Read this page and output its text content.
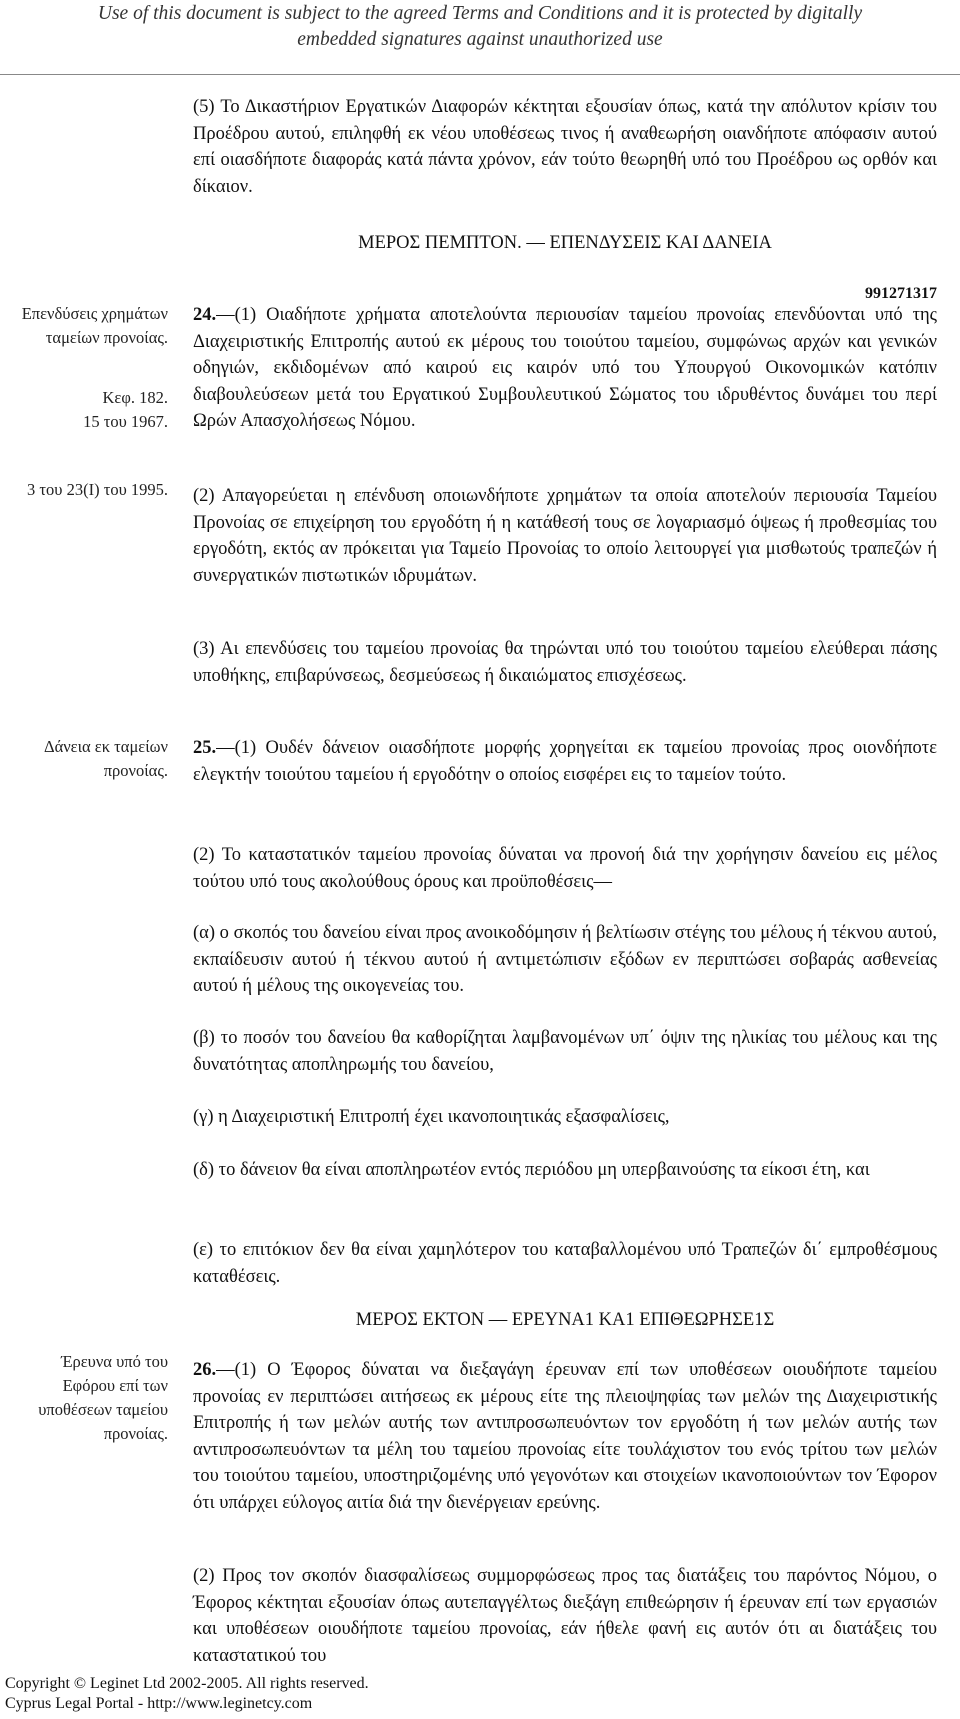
Use of this document is subject to the agreed Terms and Conditions and it is protected by digitally
embedded signatures against unauthorized use

(5) Το Δικαστήριον Εργατικών Διαφορών κέκτηται εξουσίαν όπως, κατά την απόλυτον κρίσιν του Προέδρου αυτού, επιληφθή εκ νέου υποθέσεως τινος ή αναθεωρήση οιανδήποτε απόφασιν αυτού επί οιασδήποτε διαφοράς κατά πάντα χρόνον, εάν τούτο θεωρηθή υπό του Προέδρου ως ορθόν και δίκαιον.

ΜΕΡΟΣ ΠΕΜΠΤΟΝ. — ΕΠΕΝΔΥΣΕΙΣ ΚΑΙ ΔΑΝΕΙΑ
991271317
Επενδύσεις χρημάτων ταμείων προνοίας.
Κεφ. 182.
15 του 1967.
3 του 23(Ι) του 1995.
Δάνεια εκ ταμείων προνοίας.
Έρευνα υπό του Εφόρου επί των υποθέσεων ταμείου προνοίας.

24.—(1) Οιαδήποτε χρήματα αποτελούντα περιουσίαν ταμείου προνοίας επενδύονται υπό της Διαχειριστικής Επιτροπής αυτού εκ μέρους του τοιούτου ταμείου, συμφώνως αρχών και γενικών οδηγιών, εκδιδομένων από καιρού εις καιρόν υπό του Υπουργού Οικονομικών κατόπιν διαβουλεύσεων μετά του Εργατικού Συμβουλευτικού Σώματος του ιδρυθέντος δυνάμει του περί Ωρών Απασχολήσεως Νόμου.

(2) Απαγορεύεται η επένδυση οποιωνδήποτε χρημάτων τα οποία αποτελούν περιουσία Ταμείου Προνοίας σε επιχείρηση του εργοδότη ή η κατάθεσή τους σε λογαριασμό όψεως ή προθεσμίας του εργοδότη, εκτός αν πρόκειται για Ταμείο Προνοίας το οποίο λειτουργεί για μισθωτούς τραπεζών ή συνεργατικών πιστωτικών ιδρυμάτων.

(3) Αι επενδύσεις του ταμείου προνοίας θα τηρώνται υπό του τοιούτου ταμείου ελεύθεραι πάσης υποθήκης, επιβαρύνσεως, δεσμεύσεως ή δικαιώματος επισχέσεως.

25.—(1) Ουδέν δάνειον οιασδήποτε μορφής χορηγείται εκ ταμείου προνοίας προς οιονδήποτε ελεγκτήν τοιούτου ταμείου ή εργοδότην ο οποίος εισφέρει εις το ταμείον τούτο.

(2) Το καταστατικόν ταμείου προνοίας δύναται να προνοή διά την χορήγησιν δανείου εις μέλος τούτου υπό τους ακολούθους όρους και προϋποθέσεις—

(α) ο σκοπός του δανείου είναι προς ανοικοδόμησιν ή βελτίωσιν στέγης του μέλους ή τέκνου αυτού, εκπαίδευσιν αυτού ή τέκνου αυτού ή αντιμετώπισιν εξόδων εν περιπτώσει σοβαράς ασθενείας αυτού ή μέλους της οικογενείας του.

(β) το ποσόν του δανείου θα καθορίζηται λαμβανομένων υπ΄ όψιν της ηλικίας του μέλους και της δυνατότητας αποπληρωμής του δανείου,

(γ) η Διαχειριστική Επιτροπή έχει ικανοποιητικάς εξασφαλίσεις,

(δ) το δάνειον θα είναι αποπληρωτέον εντός περιόδου μη υπερβαινούσης τα είκοσι έτη, και

(ε) το επιτόκιον δεν θα είναι χαμηλότερον του καταβαλλομένου υπό Τραπεζών δι΄ εμπροθέσμους καταθέσεις.

ΜΕΡΟΣ ΕΚΤΟΝ — ΕΡΕΥΝΑ1 ΚΑ1 ΕΠΙΘΕΩΡΗΣΕ1Σ

26.—(1) Ο Έφορος δύναται να διεξαγάγη έρευναν επί των υποθέσεων οιουδήποτε ταμείου προνοίας εν περιπτώσει αιτήσεως εκ μέρους είτε της πλειοψηφίας των μελών της Διαχειριστικής Επιτροπής ή των μελών αυτής των αντιπροσωπευόντων τον εργοδότη ή των μελών αυτής των αντιπροσωπευόντων τα μέλη του ταμείου προνοίας είτε τουλάχιστον του ενός τρίτου των μελών του τοιούτου ταμείου, υποστηριζομένης υπό γεγονότων και στοιχείων ικανοποιούντων τον Έφορον ότι υπάρχει εύλογος αιτία διά την διενέργειαν ερεύνης.

(2) Προς τον σκοπόν διασφαλίσεως συμμορφώσεως προς τας διατάξεις του παρόντος Νόμου, ο Έφορος κέκτηται εξουσίαν όπως αυτεπαγγέλτως διεξάγη επιθεώρησιν ή έρευναν επί των εργασιών και υποθέσεων οιουδήποτε ταμείου προνοίας, εάν ήθελε φανή εις αυτόν ότι αι διατάξεις του καταστατικού του

Copyright © Leginet Ltd 2002-2005. All rights reserved.
Cyprus Legal Portal - http://www.leginetcy.com
